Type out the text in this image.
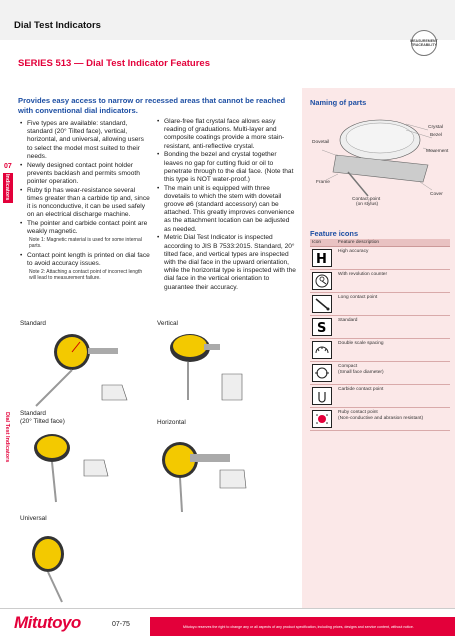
Dial Test Indicators
MEASUREMENT TRACEABILITY
SERIES 513 — Dial Test Indicator Features
Provides easy access to narrow or recessed areas that cannot be reached with conventional dial indicators.
• Five types are available: standard, standard (20° Tilted face), vertical, horizontal, and universal, allowing users to select the model most suited to their needs.
• Newly designed contact point holder prevents backlash and permits smooth pointer operation.
• Ruby tip has wear-resistance several times greater than a carbide tip and, since it is nonconductive, it can be used safely on an electrical discharge machine.
• The pointer and carbide contact point are weakly magnetic.
Note 1: Magnetic material is used for some internal parts.
• Contact point length is printed on dial face to avoid accuracy issues.
Note 2: Attaching a contact point of incorrect length will lead to measurement failure.
• Glare-free flat crystal face allows easy reading of graduations. Multi-layer and composite coatings provide a more stain-resistant, anti-reflective crystal.
• Bonding the bezel and crystal together leaves no gap for cutting fluid or oil to penetrate through to the dial face. (Note that this type is NOT water-proof.)
• The main unit is equipped with three dovetails to which the stem with dovetail groove ø6 (standard accessory) can be attached. This greatly improves convenience as the attachment location can be adjusted as needed.
• Metric Dial Test Indicator is inspected according to JIS B 7533:2015. Standard, 20° tilted face, and vertical types are inspected with the dial face in the upward orientation, while the horizontal type is inspected with the dial face in the vertical orientation to guarantee their accuracy.
07
Indicators
Dial Test Indicators
Standard	Vertical
Standard
(20° Tilted face)	Horizontal
Universal
Naming of parts
Crystal
Bezel
Dovetail
Movement
Frame
Contact point
(on stylus)
Cover
Feature icons
Icon	Feature description

H	High accuracy

	With revolution counter

	Long contact point

S	Standard

	Double scale spacing

	Compact
(Small face diameter)

	Carbide contact point

	Ruby contact point
(Non-conductive and abrasion resistant)
Mitutoyo	07-75	Mitutoyo reserves the right to change any or all aspects of any product specification, including prices, designs and service content, without notice.
